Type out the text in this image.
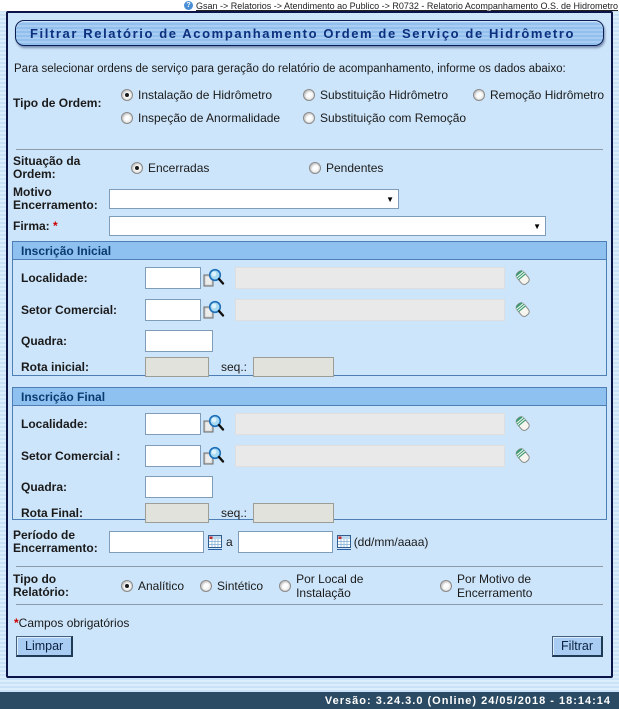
? Gsan -> Relatorios -> Atendimento ao Publico -> R0732 - Relatorio Acompanhamento O.S. de Hidrometro
Filtrar Relatório de Acompanhamento Ordem de Serviço de Hidrômetro
Para selecionar ordens de serviço para geração do relatório de acompanhamento, informe os dados abaixo:
Tipo de Ordem:
Instalação de Hidrômetro	Substituição Hidrômetro	Remoção Hidrômetro
Inspeção de Anormalidade	Substituição com Remoção
Situação da Ordem:	Encerradas	Pendentes
Motivo Encerramento:	▼
Firma: *	▼
Inscrição Inicial
Localidade:
Setor Comercial:
Quadra:
Rota inicial:	seq.:
Inscrição Final
Localidade:
Setor Comercial :
Quadra:
Rota Final:	seq.:
Período de Encerramento:	a	(dd/mm/aaaa)
Tipo do Relatório:	Analítico	Sintético	Por Local de Instalação
Por Motivo de Encerramento
* Campos obrigatórios
Limpar	Filtrar
Versão: 3.24.3.0 (Online) 24/05/2018 - 18:14:14
